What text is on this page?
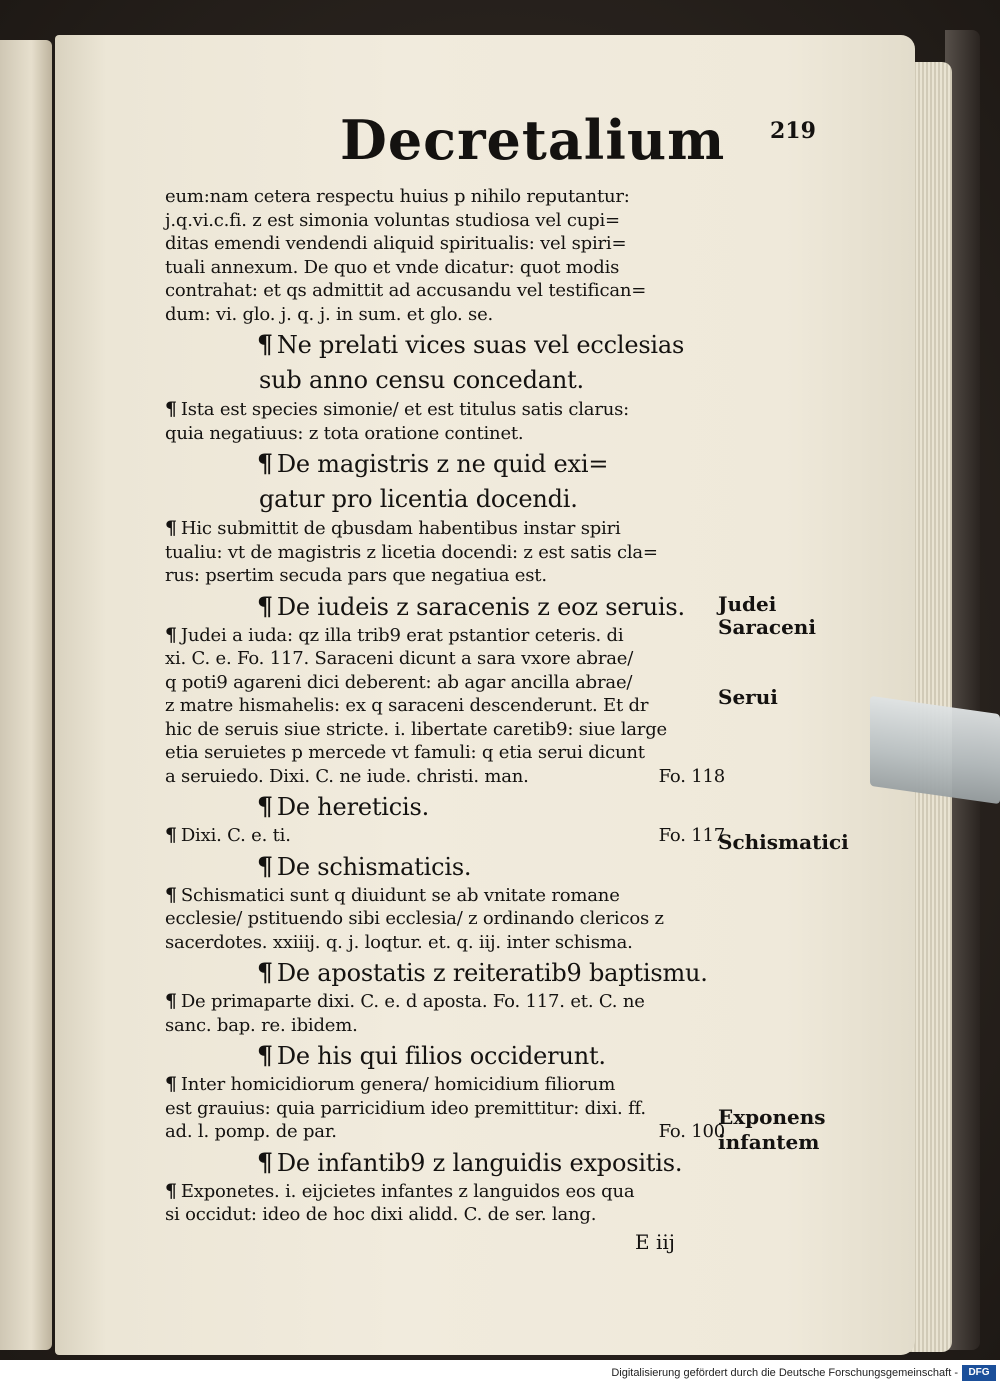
Decretalium 219
eum:nam cetera respectu huius p nihilo reputantur:
j.q.vi.c.fi. z est simonia voluntas studiosa vel cupi=
ditas emendi vendendi aliquid spiritualis: vel spiri=
tuali annexum. De quo et vnde dicatur: quot modis
contrahat: et qs admittit ad accusandu vel testifican=
dum: vi. glo. j. q. j. in sum. et glo. se.
¶ Ne prelati vices suas vel ecclesias
sub anno censu concedant.
¶ Ista est species simonie/ et est titulus satis clarus:
quia negatiuus: z tota oratione continet.
¶ De magistris z ne quid exi=
gatur pro licentia docendi.
¶ Hic submittit de qbusdam habentibus instar spiri
tualiu: vt de magistris z licetia docendi: z est satis cla=
rus: psertim secuda pars que negatiua est.
¶ De iudeis z saracenis z eoz seruis.
¶ Judei a iuda: qz illa trib9 erat pstantior ceteris. di
xi. C. e. Fo. 117. Saraceni dicunt a sara vxore abrae/
q poti9 agareni dici deberent: ab agar ancilla abrae/
z matre hismahelis: ex q saraceni descenderunt. Et dr
hic de seruis siue stricte. i. libertate caretib9: siue large
etia seruietes p mercede vt famuli: q etia serui dicunt
a seruiedo. Dixi. C. ne iude. christi. man.	Fo. 118
¶ De hereticis.
¶ Dixi. C. e. ti.	Fo. 117
¶ De schismaticis.
¶ Schismatici sunt q diuidunt se ab vnitate romane
ecclesie/ pstituendo sibi ecclesia/ z ordinando clericos z
sacerdotes. xxiiij. q. j. loqtur. et. q. iij. inter schisma.
¶ De apostatis z reiteratib9 baptismu.
¶ De primaparte dixi. C. e. d aposta. Fo. 117. et. C. ne
sanc. bap. re. ibidem.
¶ De his qui filios occiderunt.
¶ Inter homicidiorum genera/ homicidium filiorum
est grauius: quia parricidium ideo premittitur: dixi. ff.
ad. l. pomp. de par.	Fo. 100
¶ De infantib9 z languidis expositis.
¶ Exponetes. i. eijcietes infantes z languidos eos qua
si occidut: ideo de hoc dixi alidd. C. de ser. lang.
E iij
Judei
Saraceni
Serui
Schismatici
Exponens
infantem
Digitalisierung gefördert durch die Deutsche Forschungsgemeinschaft -	DFG
